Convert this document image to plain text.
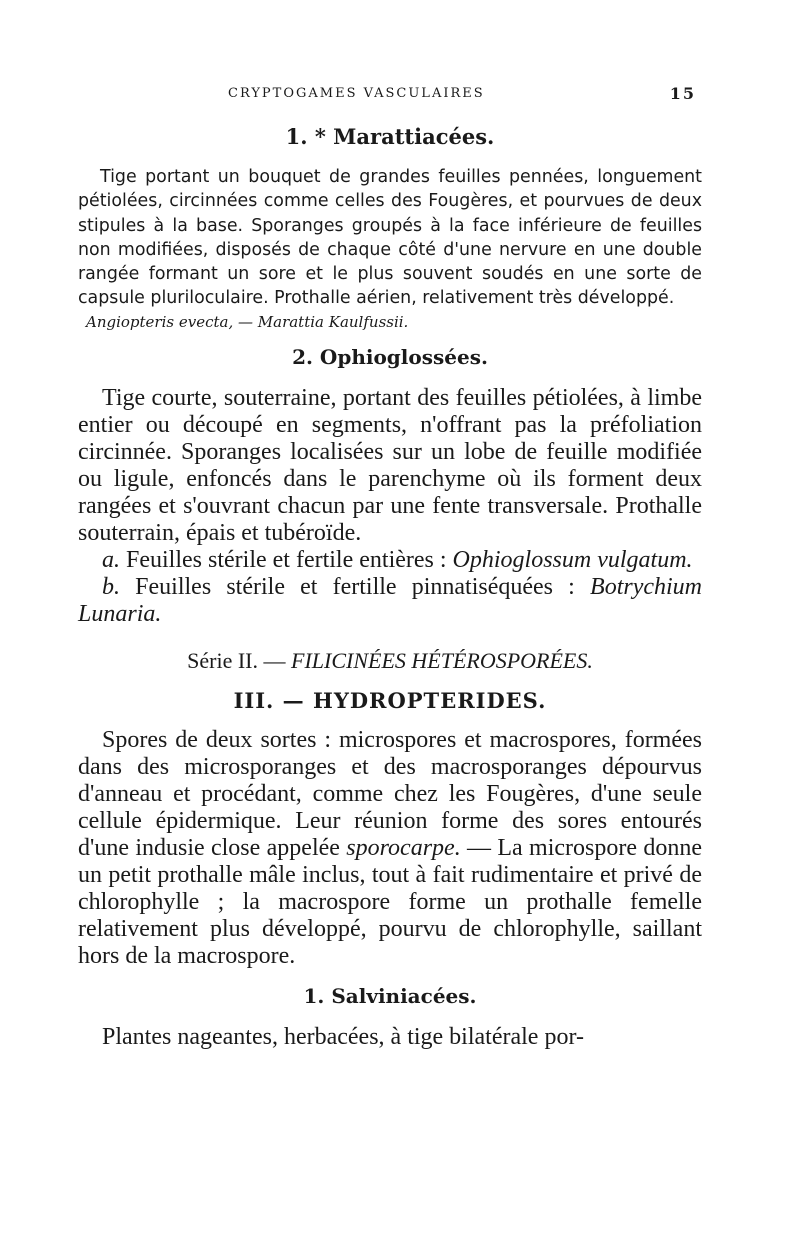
CRYPTOGAMES VASCULAIRES	15
1. * Marattiacées.

Tige portant un bouquet de grandes feuilles pennées, longuement pétiolées, circinnées comme celles des Fougères, et pourvues de deux stipules à la base. Sporanges groupés à la face inférieure de feuilles non modifiées, disposés de chaque côté d'une nervure en une double rangée formant un sore et le plus souvent soudés en une sorte de capsule pluriloculaire. Prothalle aérien, relativement très développé.

Angiopteris evecta, — Marattia Kaulfussii.
2. Ophioglossées.

Tige courte, souterraine, portant des feuilles pétiolées, à limbe entier ou découpé en segments, n'offrant pas la préfoliation circinnée. Sporanges localisées sur un lobe de feuille modifiée ou ligule, enfoncés dans le parenchyme où ils forment deux rangées et s'ouvrant chacun par une fente transversale. Prothalle souterrain, épais et tubéroïde.

a. Feuilles stérile et fertile entières : Ophioglossum vulgatum.

b. Feuilles stérile et fertille pinnatiséquées : Botrychium Lunaria.

Série II. — FILICINÉES HÉTÉROSPORÉES.
III. — HYDROPTERIDES.

Spores de deux sortes : microspores et macrospores, formées dans des microsporanges et des macrosporanges dépourvus d'anneau et procédant, comme chez les Fougères, d'une seule cellule épidermique. Leur réunion forme des sores entourés d'une indusie close appelée sporocarpe. — La microspore donne un petit prothalle mâle inclus, tout à fait rudimentaire et privé de chlorophylle ; la macrospore forme un prothalle femelle relativement plus développé, pourvu de chlorophylle, saillant hors de la macrospore.

1. Salviniacées.

Plantes nageantes, herbacées, à tige bilatérale por-
